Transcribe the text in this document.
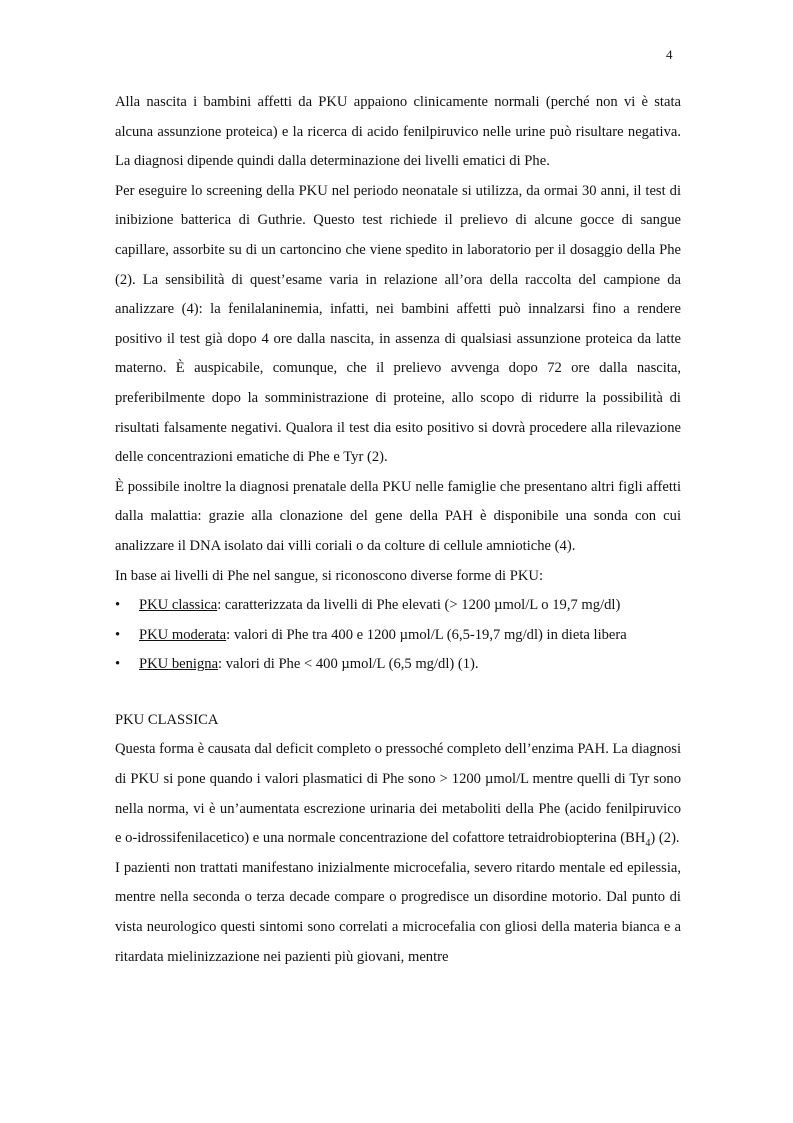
4

Alla nascita i bambini affetti da PKU appaiono clinicamente normali (perché non vi è stata alcuna assunzione proteica) e la ricerca di acido fenilpiruvico nelle urine può risultare negativa. La diagnosi dipende quindi dalla determinazione dei livelli ematici di Phe.

Per eseguire lo screening della PKU nel periodo neonatale si utilizza, da ormai 30 anni, il test di inibizione batterica di Guthrie. Questo test richiede il prelievo di alcune gocce di sangue capillare, assorbite su di un cartoncino che viene spedito in laboratorio per il dosaggio della Phe (2). La sensibilità di quest’esame varia in relazione all’ora della raccolta del campione da analizzare (4): la fenilalaninemia, infatti, nei bambini affetti può innalzarsi fino a rendere positivo il test già dopo 4 ore dalla nascita, in assenza di qualsiasi assunzione proteica da latte materno. È auspicabile, comunque, che il prelievo avvenga dopo 72 ore dalla nascita, preferibilmente dopo la somministrazione di proteine, allo scopo di ridurre la possibilità di risultati falsamente negativi. Qualora il test dia esito positivo si dovrà procedere alla rilevazione delle concentrazioni ematiche di Phe e Tyr (2).

È possibile inoltre la diagnosi prenatale della PKU nelle famiglie che presentano altri figli affetti dalla malattia: grazie alla clonazione del gene della PAH è disponibile una sonda con cui analizzare il DNA isolato dai villi coriali o da colture di cellule amniotiche (4).

In base ai livelli di Phe nel sangue, si riconoscono diverse forme di PKU:

• PKU classica: caratterizzata da livelli di Phe elevati (> 1200 µmol/L o 19,7 mg/dl)
• PKU moderata: valori di Phe tra 400 e 1200 µmol/L (6,5-19,7 mg/dl) in dieta libera
• PKU benigna: valori di Phe < 400 µmol/L (6,5 mg/dl) (1).

PKU CLASSICA

Questa forma è causata dal deficit completo o pressoché completo dell’enzima PAH. La diagnosi di PKU si pone quando i valori plasmatici di Phe sono > 1200 µmol/L mentre quelli di Tyr sono nella norma, vi è un’aumentata escrezione urinaria dei metaboliti della Phe (acido fenilpiruvico e o-idrossifenilacetico) e una normale concentrazione del cofattore tetraidrobiopterina $(BH_4)$ (2).

I pazienti non trattati manifestano inizialmente microcefalia, severo ritardo mentale ed epilessia, mentre nella seconda o terza decade compare o progredisce un disordine motorio. Dal punto di vista neurologico questi sintomi sono correlati a microcefalia con gliosi della materia bianca e a ritardata mielinizzazione nei pazienti più giovani, mentre
